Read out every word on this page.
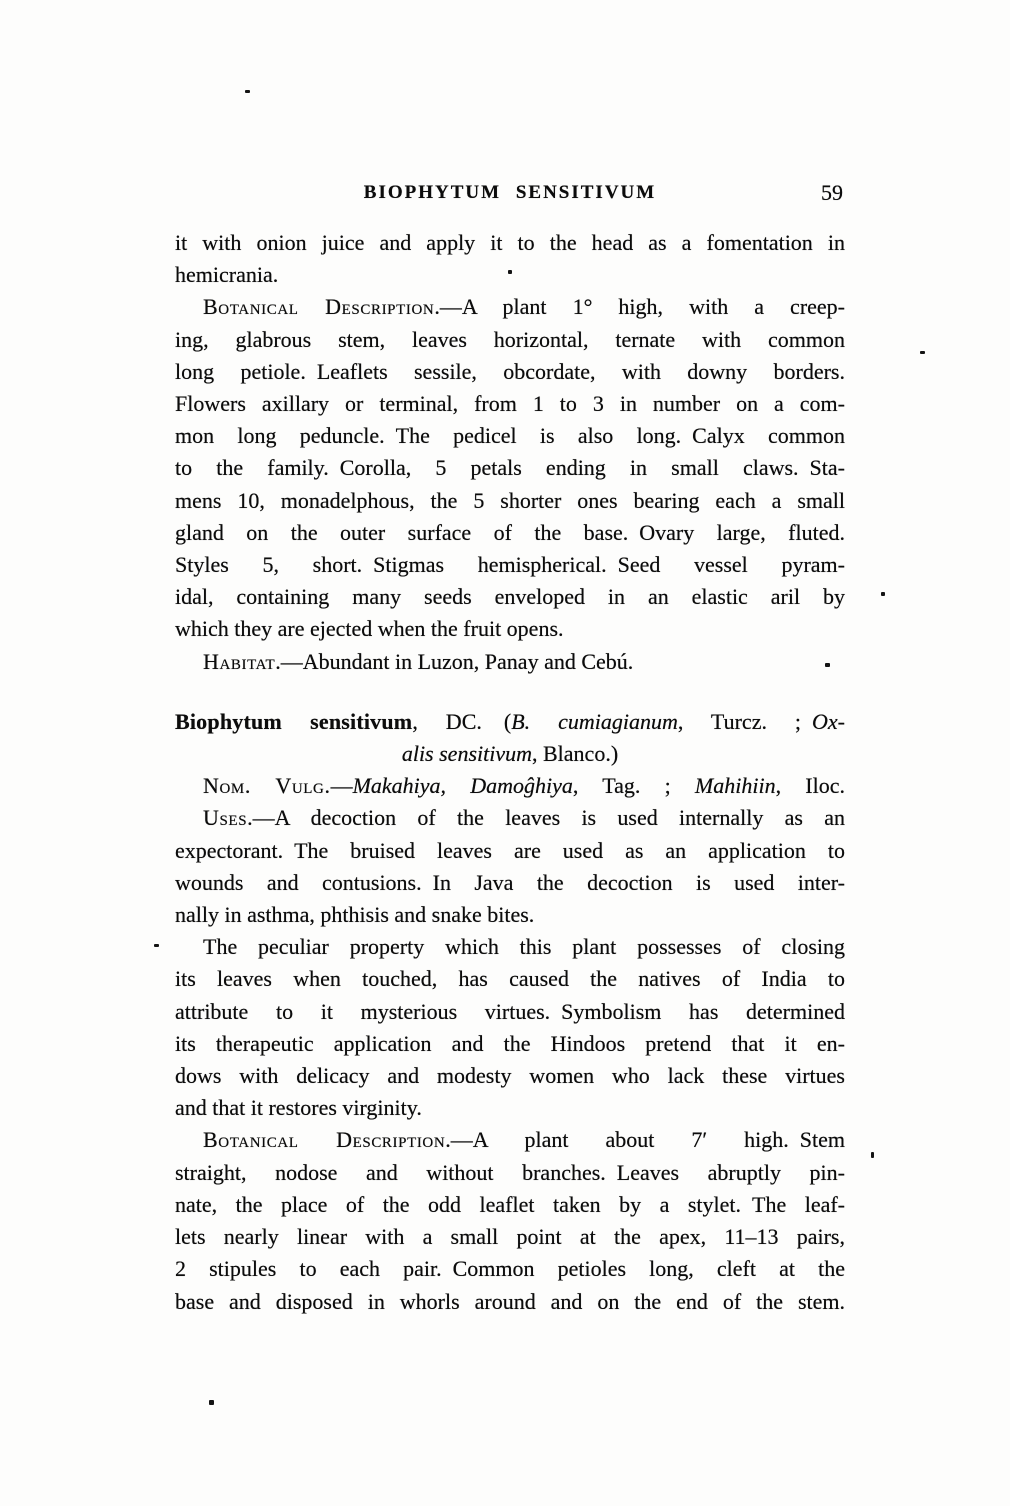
BIOPHYTUM SENSITIVUM	59
it with onion juice and apply it to the head as a fomentation in
hemicrania.
Botanical Description.—A plant 1° high, with a creep-
ing, glabrous stem, leaves horizontal, ternate with common
long petiole. Leaflets sessile, obcordate, with downy borders.
Flowers axillary or terminal, from 1 to 3 in number on a com-
mon long peduncle. The pedicel is also long. Calyx common
to the family. Corolla, 5 petals ending in small claws. Sta-
mens 10, monadelphous, the 5 shorter ones bearing each a small
gland on the outer surface of the base. Ovary large, fluted.
Styles 5, short. Stigmas hemispherical. Seed vessel pyram-
idal, containing many seeds enveloped in an elastic aril by
which they are ejected when the fruit opens.
Habitat.—Abundant in Luzon, Panay and Cebú.
Biophytum sensitivum, DC. (B. cumiagianum, Turcz. ; Ox-
alis sensitivum, Blanco.)
Nom. Vulg.—Makahiya, Damoĝhiya, Tag. ; Mahihiin, Iloc.
Uses.—A decoction of the leaves is used internally as an
expectorant. The bruised leaves are used as an application to
wounds and contusions. In Java the decoction is used inter-
nally in asthma, phthisis and snake bites.
The peculiar property which this plant possesses of closing
its leaves when touched, has caused the natives of India to
attribute to it mysterious virtues. Symbolism has determined
its therapeutic application and the Hindoos pretend that it en-
dows with delicacy and modesty women who lack these virtues
and that it restores virginity.
Botanical Description.—A plant about 7′ high. Stem
straight, nodose and without branches. Leaves abruptly pin-
nate, the place of the odd leaflet taken by a stylet. The leaf-
lets nearly linear with a small point at the apex, 11–13 pairs,
2 stipules to each pair. Common petioles long, cleft at the
base and disposed in whorls around and on the end of the stem.
